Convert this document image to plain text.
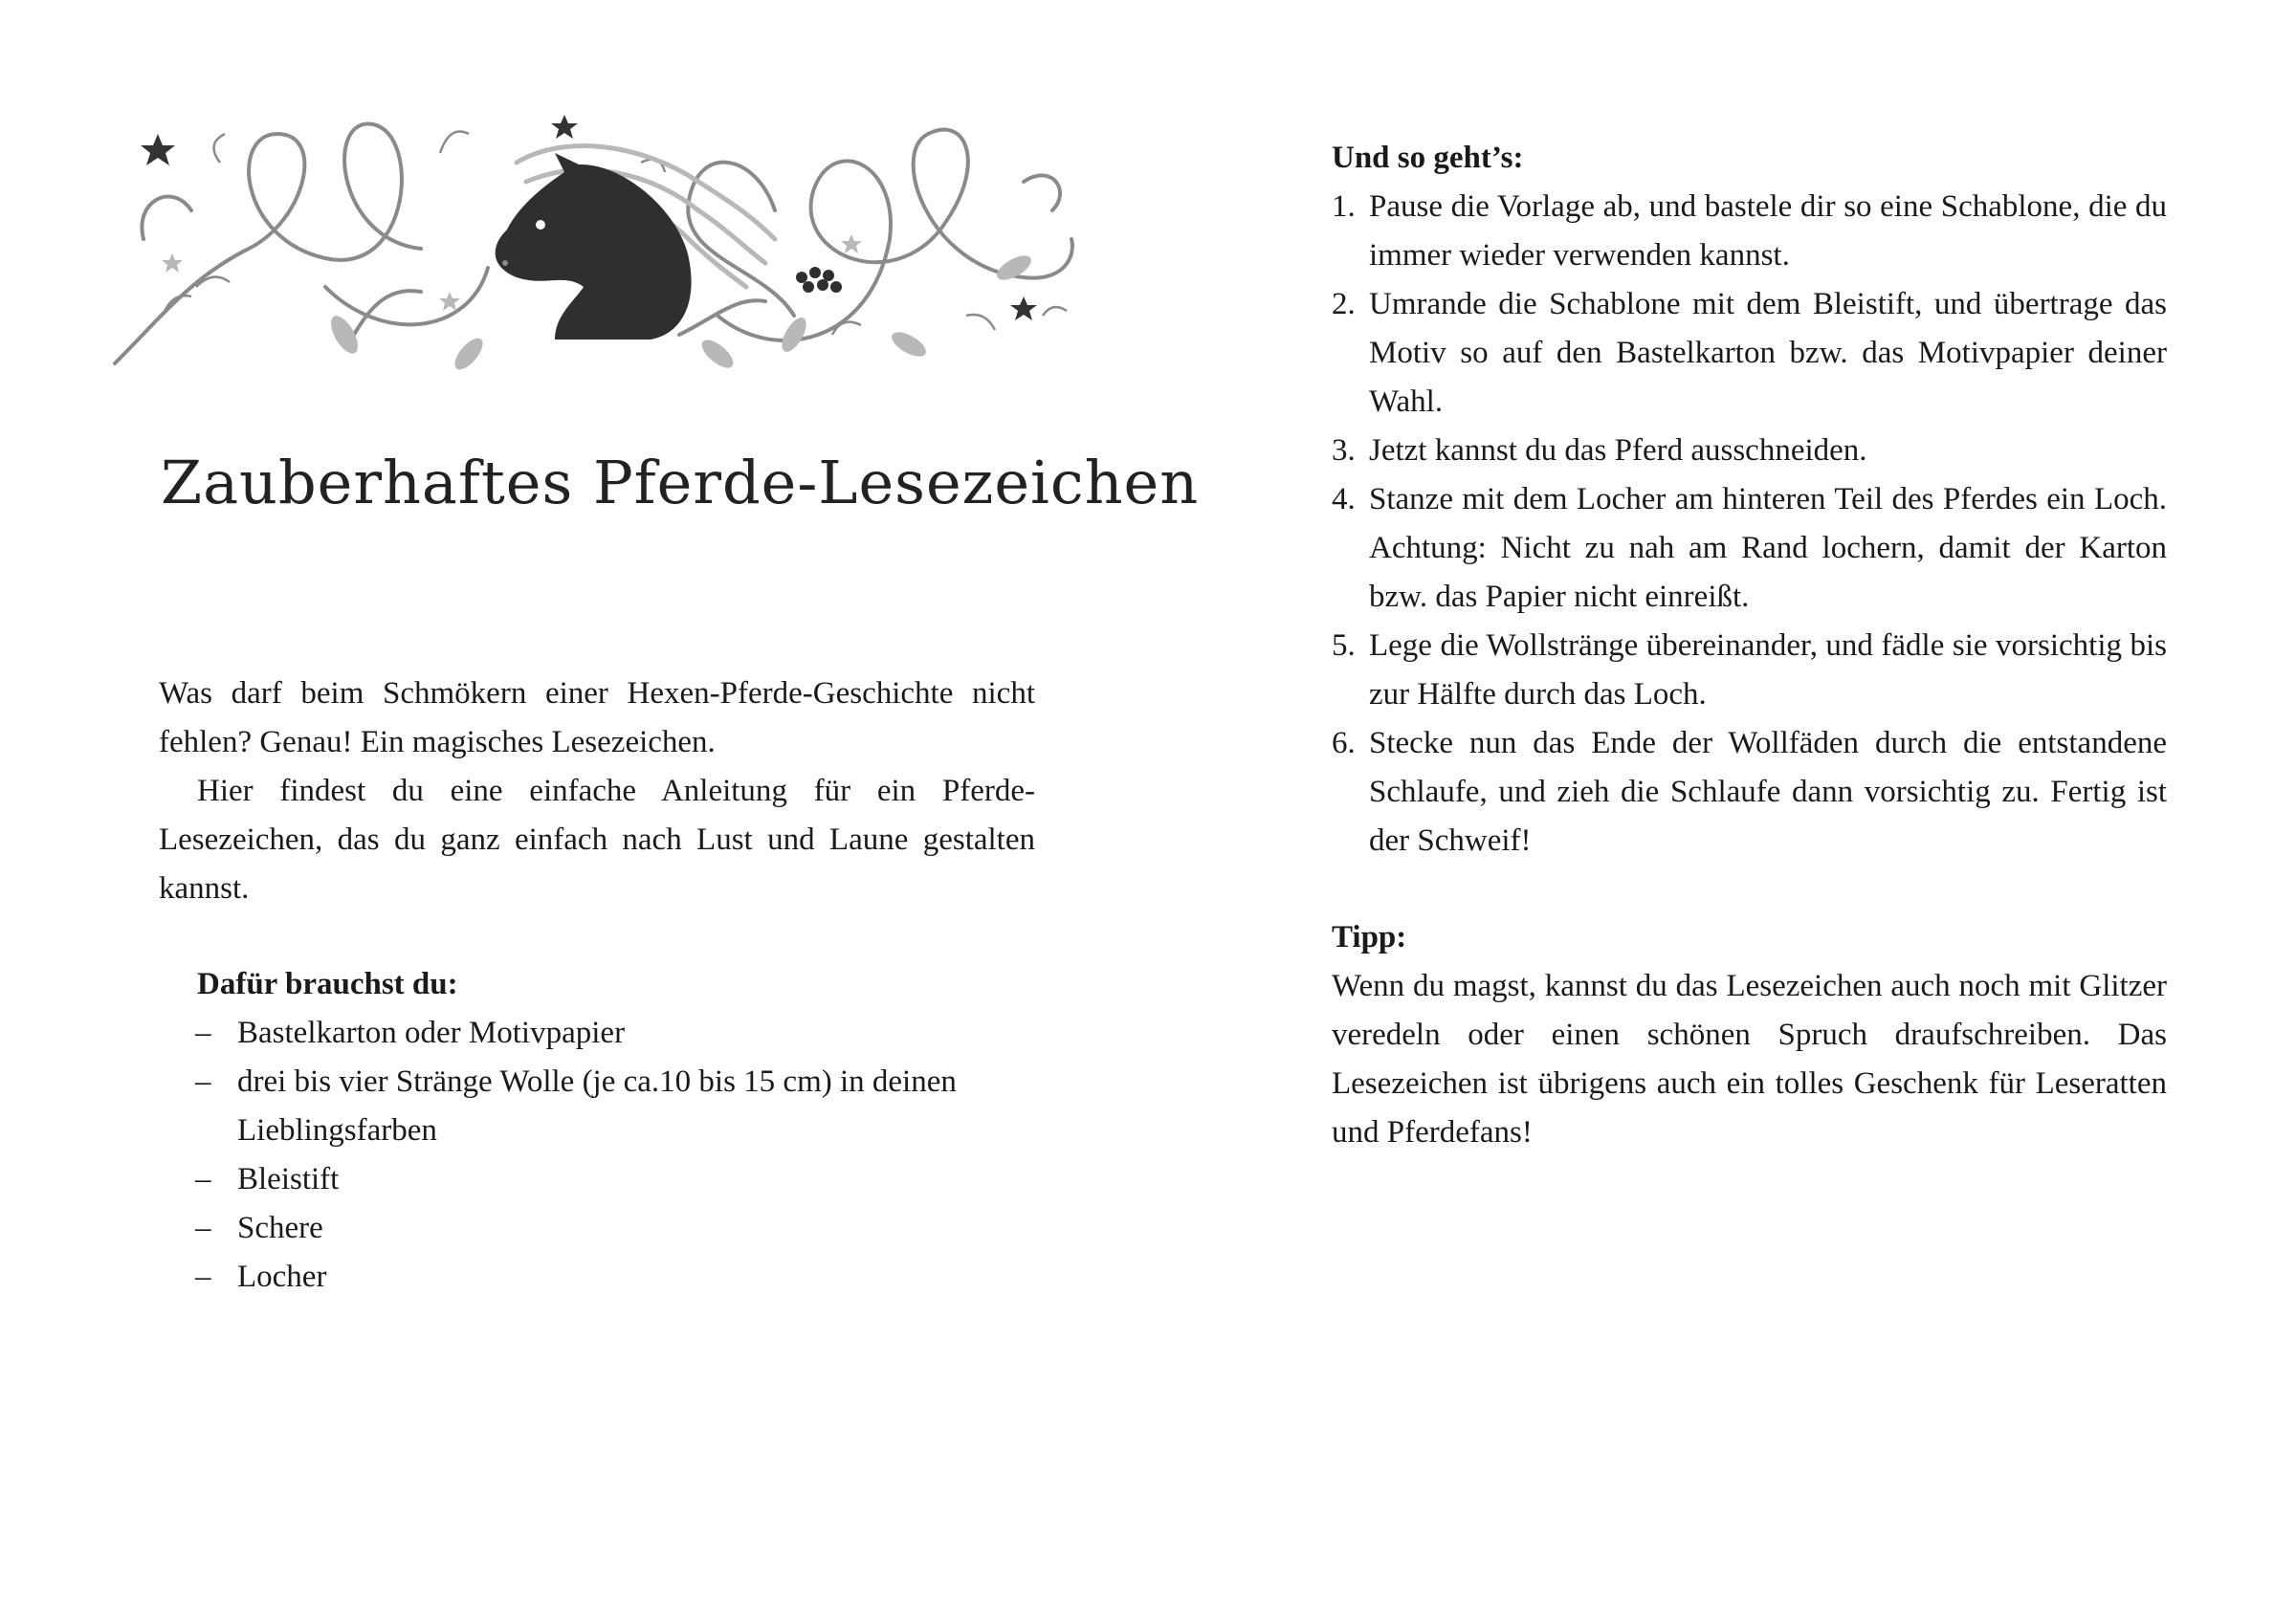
Zauberhaftes Pferde-Lesezeichen

Was darf beim Schmökern einer Hexen-Pferde-Geschichte nicht fehlen? Genau! Ein magisches Lesezeichen.

Hier findest du eine einfache Anleitung für ein Pferde-Lesezeichen, das du ganz einfach nach Lust und Laune gestalten kannst.

Dafür brauchst du:
– Bastelkarton oder Motivpapier
– drei bis vier Stränge Wolle (je ca.10 bis 15 cm) in deinen Lieblingsfarben
– Bleistift
– Schere
– Locher
Und so geht’s:
1. Pause die Vorlage ab, und bastele dir so eine Schablone, die du immer wieder verwenden kannst.
2. Umrande die Schablone mit dem Bleistift, und übertrage das Motiv so auf den Bastelkarton bzw. das Motivpapier deiner Wahl.
3. Jetzt kannst du das Pferd ausschneiden.
4. Stanze mit dem Locher am hinteren Teil des Pferdes ein Loch. Achtung: Nicht zu nah am Rand lochern, damit der Karton bzw. das Papier nicht einreißt.
5. Lege die Wollstränge übereinander, und fädle sie vorsichtig bis zur Hälfte durch das Loch.
6. Stecke nun das Ende der Wollfäden durch die entstandene Schlaufe, und zieh die Schlaufe dann vorsichtig zu. Fertig ist der Schweif!
Tipp:

Wenn du magst, kannst du das Lesezeichen auch noch mit Glitzer veredeln oder einen schönen Spruch draufschreiben. Das Lesezeichen ist übrigens auch ein tolles Geschenk für Leseratten und Pferdefans!
